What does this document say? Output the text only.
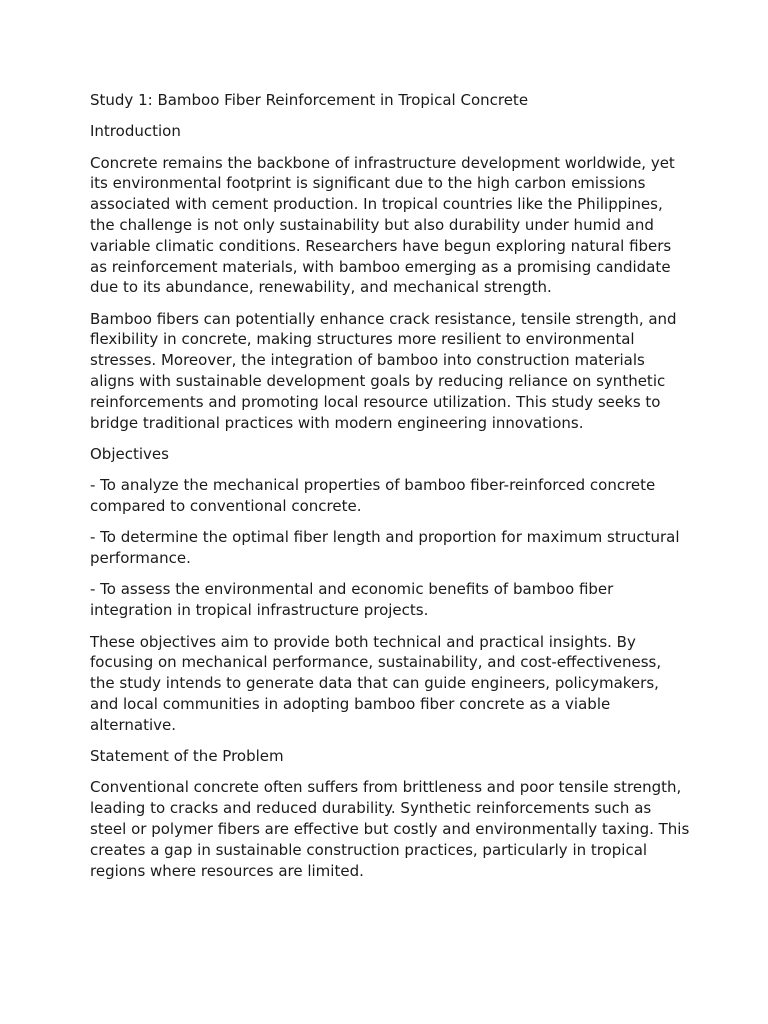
Study 1: Bamboo Fiber Reinforcement in Tropical Concrete

Introduction

Concrete remains the backbone of infrastructure development worldwide, yet its environmental footprint is significant due to the high carbon emissions associated with cement production. In tropical countries like the Philippines, the challenge is not only sustainability but also durability under humid and variable climatic conditions. Researchers have begun exploring natural fibers as reinforcement materials, with bamboo emerging as a promising candidate due to its abundance, renewability, and mechanical strength.

Bamboo fibers can potentially enhance crack resistance, tensile strength, and flexibility in concrete, making structures more resilient to environmental stresses. Moreover, the integration of bamboo into construction materials aligns with sustainable development goals by reducing reliance on synthetic reinforcements and promoting local resource utilization. This study seeks to bridge traditional practices with modern engineering innovations.

Objectives

- To analyze the mechanical properties of bamboo fiber-reinforced concrete compared to conventional concrete.

- To determine the optimal fiber length and proportion for maximum structural performance.

- To assess the environmental and economic benefits of bamboo fiber integration in tropical infrastructure projects.

These objectives aim to provide both technical and practical insights. By focusing on mechanical performance, sustainability, and cost-effectiveness, the study intends to generate data that can guide engineers, policymakers, and local communities in adopting bamboo fiber concrete as a viable alternative.

Statement of the Problem

Conventional concrete often suffers from brittleness and poor tensile strength, leading to cracks and reduced durability. Synthetic reinforcements such as steel or polymer fibers are effective but costly and environmentally taxing. This creates a gap in sustainable construction practices, particularly in tropical regions where resources are limited.
